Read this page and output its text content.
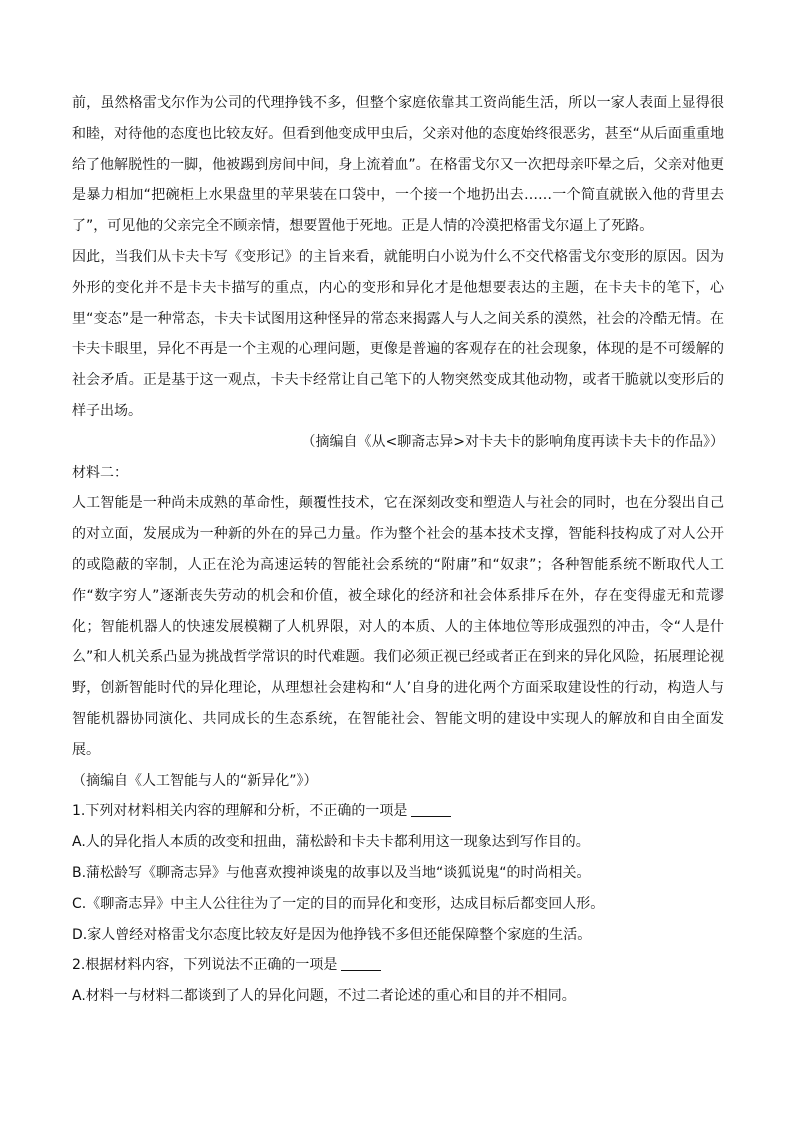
前，虽然格雷戈尔作为公司的代理挣钱不多，但整个家庭依靠其工资尚能生活，所以一家人表面上显得很和睦，对待他的态度也比较友好。但看到他变成甲虫后，父亲对他的态度始终很恶劣，甚至“从后面重重地给了他解脱性的一脚，他被踢到房间中间，身上流着血”。在格雷戈尔又一次把母亲吓晕之后，父亲对他更是暴力相加“把碗柜上水果盘里的苹果装在口袋中，一个接一个地扔出去……一个简直就嵌入他的背里去了”，可见他的父亲完全不顾亲情，想要置他于死地。正是人情的冷漠把格雷戈尔逼上了死路。

因此，当我们从卡夫卡写《变形记》的主旨来看，就能明白小说为什么不交代格雷戈尔变形的原因。因为外形的变化并不是卡夫卡描写的重点，内心的变形和异化才是他想要表达的主题，在卡夫卡的笔下，心里“变态”是一种常态，卡夫卡试图用这种怪异的常态来揭露人与人之间关系的漠然，社会的冷酷无情。在卡夫卡眼里，异化不再是一个主观的心理问题，更像是普遍的客观存在的社会现象，体现的是不可缓解的社会矛盾。正是基于这一观点，卡夫卡经常让自己笔下的人物突然变成其他动物，或者干脆就以变形后的样子出场。

（摘编自《从<聊斋志异>对卡夫卡的影响角度再读卡夫卡的作品》）

材料二：

人工智能是一种尚未成熟的革命性，颠覆性技术，它在深刻改变和塑造人与社会的同时，也在分裂出自己的对立面，发展成为一种新的外在的异己力量。作为整个社会的基本技术支撑，智能科技构成了对人公开的或隐蔽的宰制，人正在沦为高速运转的智能社会系统的“附庸”和“奴隶”；各种智能系统不断取代人工作“数字穷人”逐渐丧失劳动的机会和价值，被全球化的经济和社会体系排斥在外，存在变得虚无和荒谬化；智能机器人的快速发展模糊了人机界限，对人的本质、人的主体地位等形成强烈的冲击，令“人是什么”和人机关系凸显为挑战哲学常识的时代难题。我们必须正视已经或者正在到来的异化风险，拓展理论视野，创新智能时代的异化理论，从理想社会建构和“人’自身的进化两个方面采取建设性的行动，构造人与智能机器协同演化、共同成长的生态系统，在智能社会、智能文明的建设中实现人的解放和自由全面发展。

（摘编自《人工智能与人的“新异化”》）

1.下列对材料相关内容的理解和分析，不正确的一项是

A.人的异化指人本质的改变和扭曲，蒲松龄和卡夫卡都利用这一现象达到写作目的。

B.蒲松龄写《聊斋志异》与他喜欢搜神谈鬼的故事以及当地“谈狐说鬼“的时尚相关。

C.《聊斋志异》中主人公往往为了一定的目的而异化和变形，达成目标后都变回人形。

D.家人曾经对格雷戈尔态度比较友好是因为他挣钱不多但还能保障整个家庭的生活。

2.根据材料内容，下列说法不正确的一项是

A.材料一与材料二都谈到了人的异化问题，不过二者论述的重心和目的并不相同。
